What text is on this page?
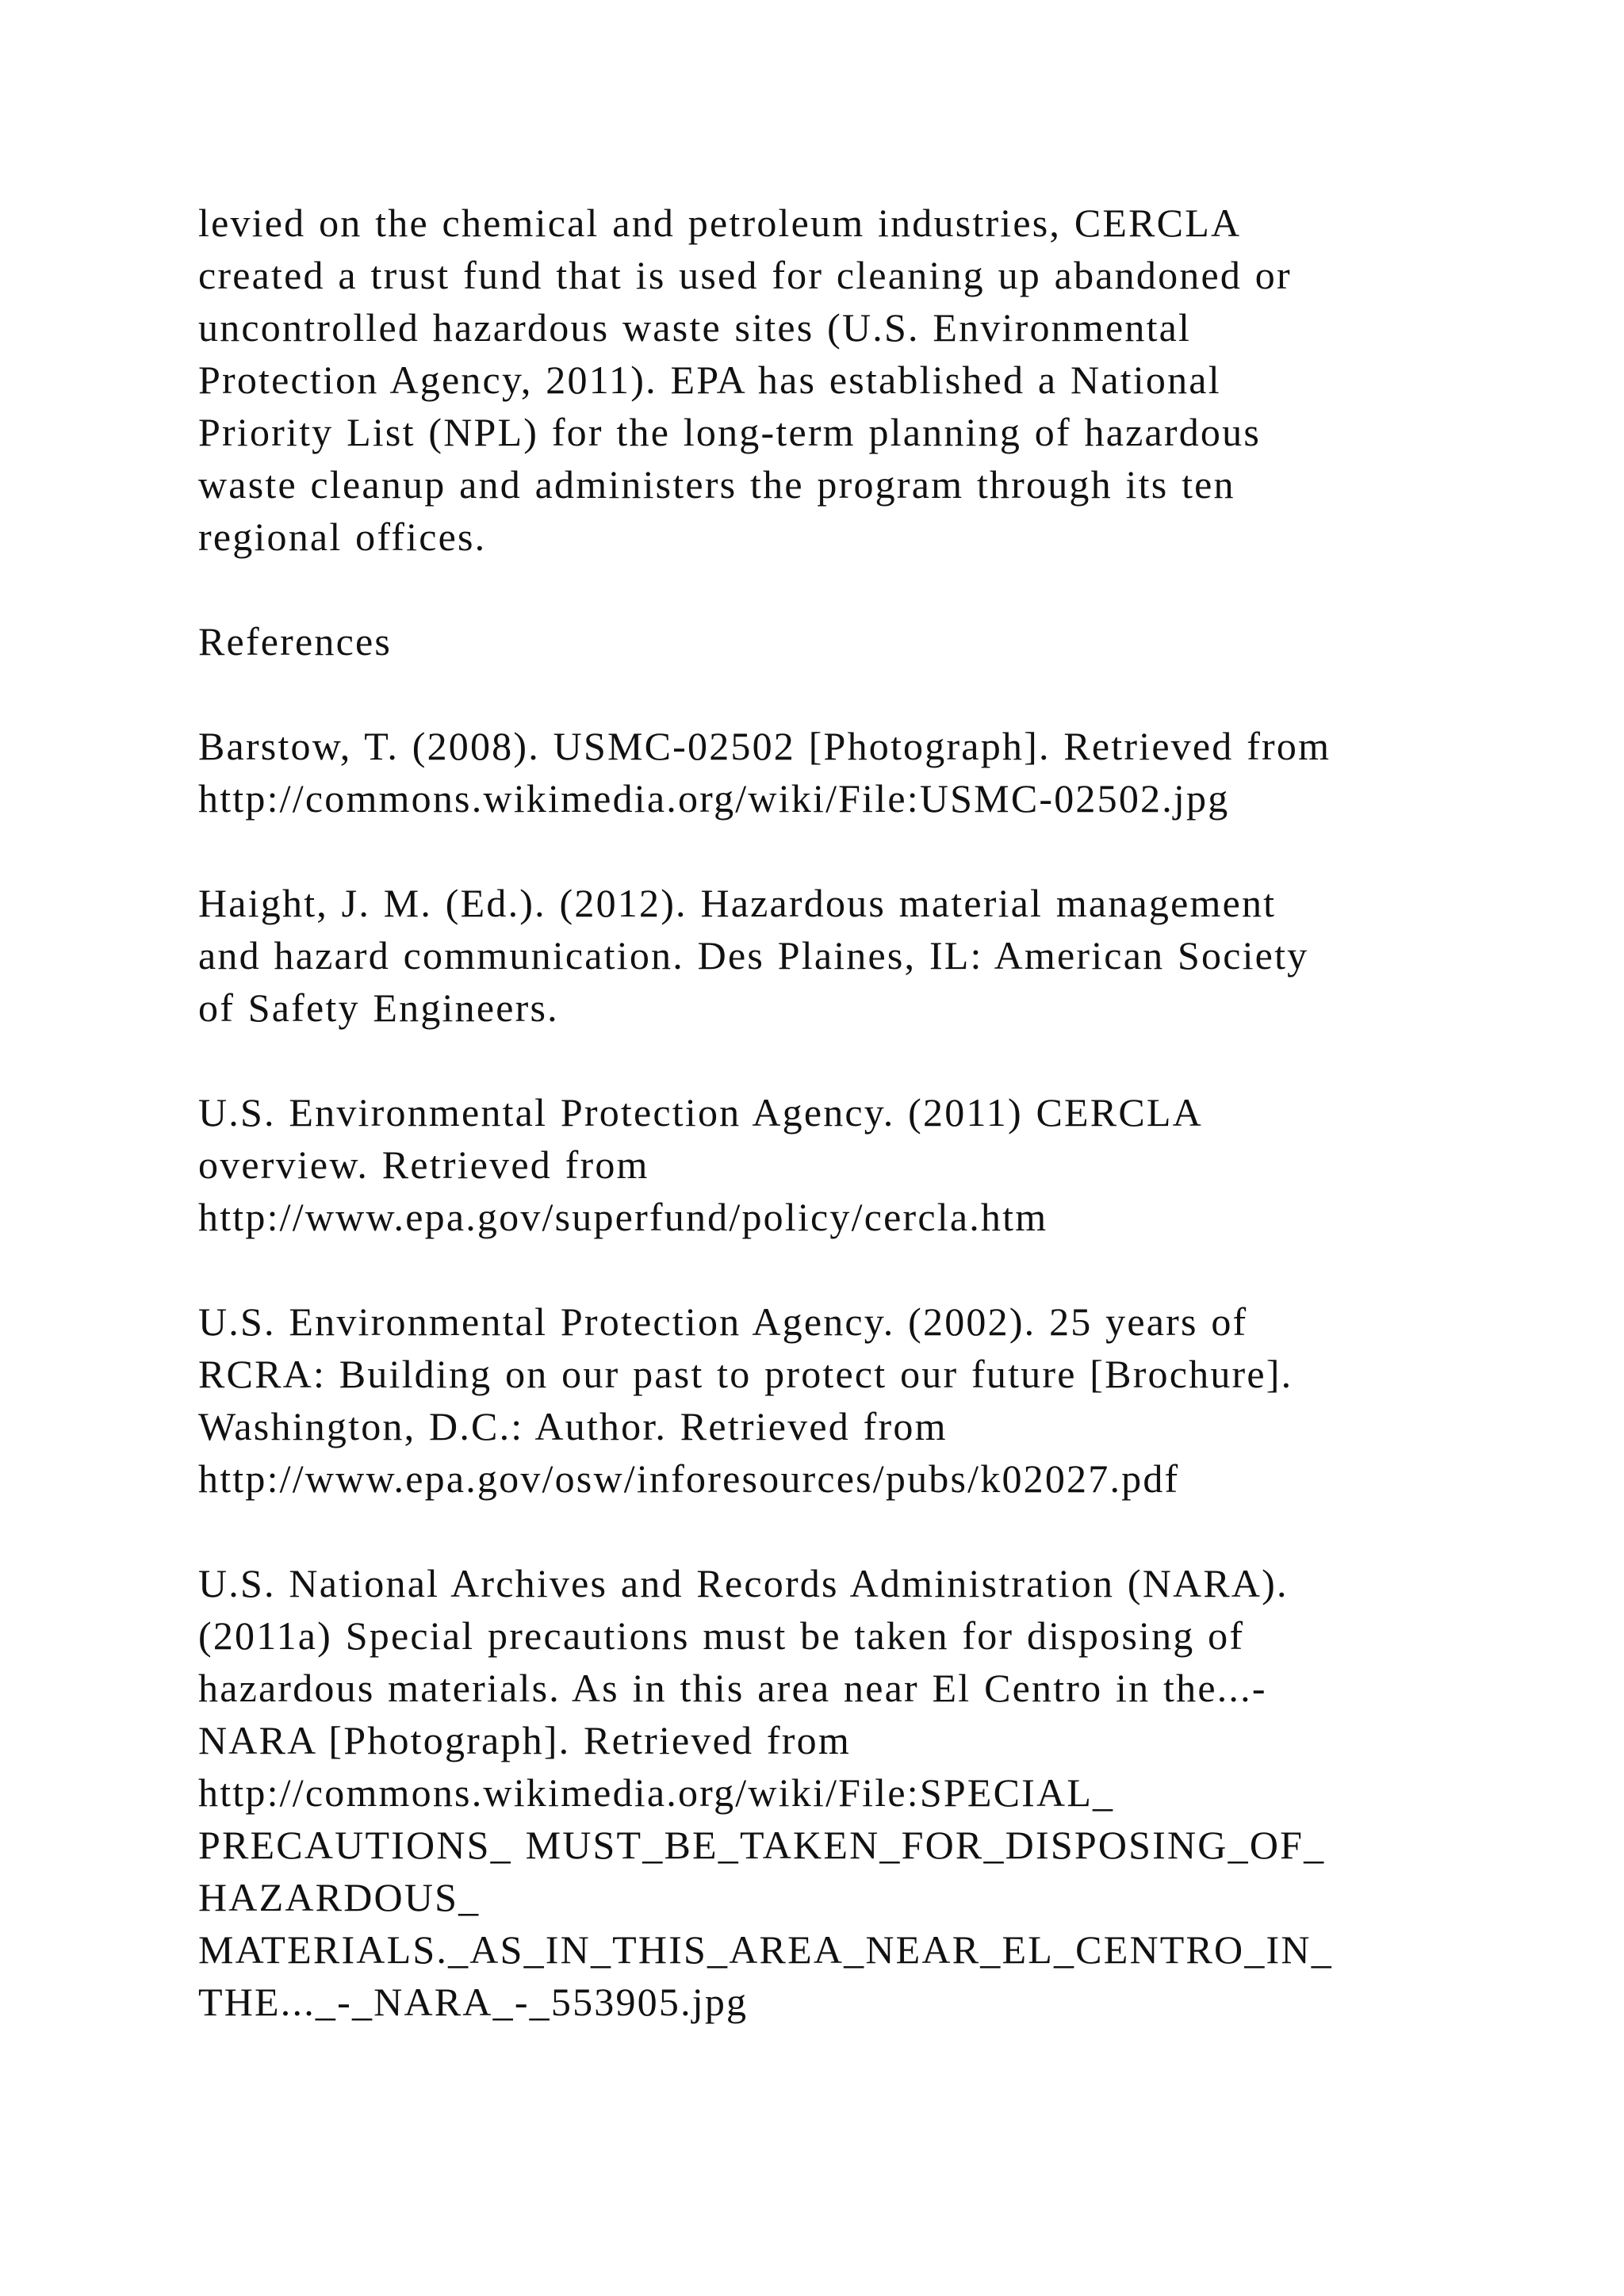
levied on the chemical and petroleum industries, CERCLA
created a trust fund that is used for cleaning up abandoned or
uncontrolled hazardous waste sites (U.S. Environmental
Protection Agency, 2011). EPA has established a National
Priority List (NPL) for the long-term planning of hazardous
waste cleanup and administers the program through its ten
regional offices.
References
Barstow, T. (2008). USMC-02502 [Photograph]. Retrieved from
http://commons.wikimedia.org/wiki/File:USMC-02502.jpg
Haight, J. M. (Ed.). (2012). Hazardous material management
and hazard communication. Des Plaines, IL: American Society
of Safety Engineers.
U.S. Environmental Protection Agency. (2011) CERCLA
overview. Retrieved from
http://www.epa.gov/superfund/policy/cercla.htm
U.S. Environmental Protection Agency. (2002). 25 years of
RCRA: Building on our past to protect our future [Brochure].
Washington, D.C.: Author. Retrieved from
http://www.epa.gov/osw/inforesources/pubs/k02027.pdf
U.S. National Archives and Records Administration (NARA).
(2011a) Special precautions must be taken for disposing of
hazardous materials. As in this area near El Centro in the...-
NARA [Photograph]. Retrieved from
http://commons.wikimedia.org/wiki/File:SPECIAL_
PRECAUTIONS_ MUST_BE_TAKEN_FOR_DISPOSING_OF_
HAZARDOUS_
MATERIALS._AS_IN_THIS_AREA_NEAR_EL_CENTRO_IN_
THE..._-_NARA_-_553905.jpg
